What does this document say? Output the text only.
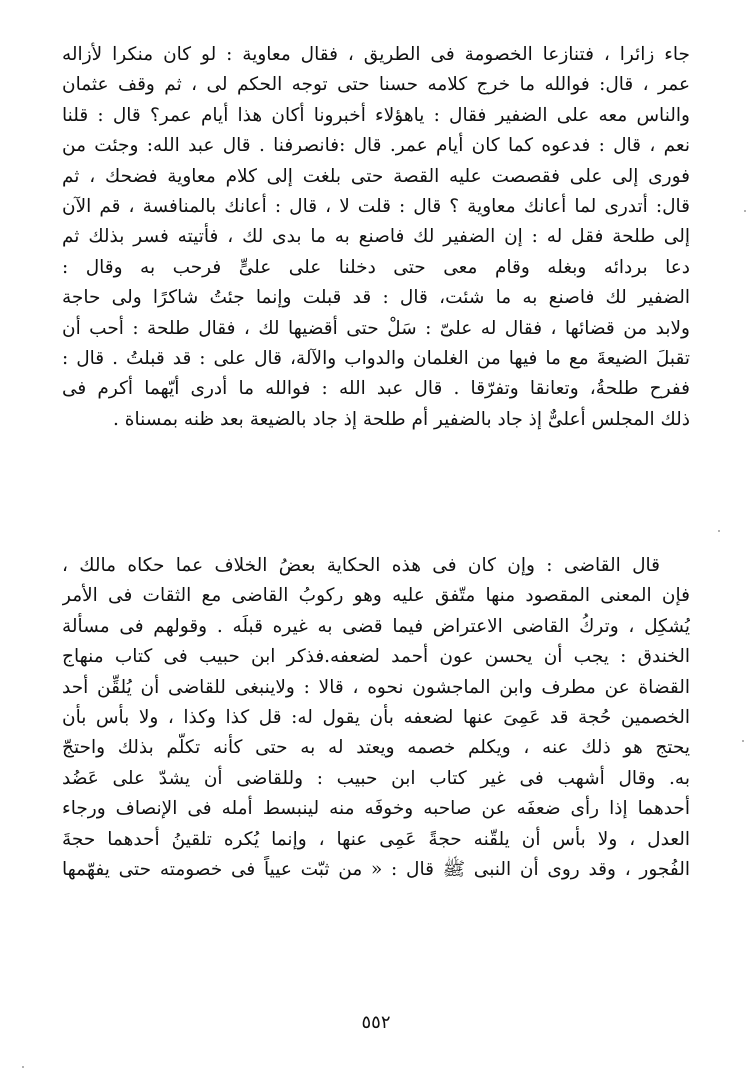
جاء زائرا ، فتنازعا الخصومة فى الطريق ، فقال معاوية : لو كان منكرا لأزاله
عمر ، قال: فوالله ما خرج كلامه حسنا حتى توجه الحكم لى ، ثم وقف عثمان
والناس معه على الضفير فقال : ياهؤلاء أخبرونا أكان هذا أيام عمر؟ قال : قلنا
نعم ، قال : فدعوه كما كان أيام عمر. قال :فانصرفنا . قال عبد الله: وجئت من
فورى إلى على فقصصت عليه القصة حتى بلغت إلى كلام معاوية فضحك ، ثم
قال: أتدرى لما أعانك معاوية ؟ قال : قلت لا ، قال : أعانك بالمنافسة ، قم الآن
إلى طلحة فقل له : إن الضفير لك فاصنع به ما بدى لك ، فأتيته فسر بذلك ثم
دعا بردائه وبغله وقام معى حتى دخلنا على علىٍّ فرحب به وقال :
الضفير لك فاصنع به ما شئت، قال : قد قبلت وإنما جئتُ شاكرًا ولى حاجة
ولابد من قضائها ، فقال له علىّ : سَلْ حتى أقضيها لك ، فقال طلحة : أحب أن
تقبلَ الضيعةَ مع ما فيها من الغلمان والدواب والآلة، قال على : قد قبلتُ . قال :
ففرح طلحةُ، وتعانقا وتفرّقا . قال عبد الله : فوالله ما أدرى أيّهما أكرم فى
ذلك المجلس أعلىٌّ إذ جاد بالضفير أم طلحة إذ جاد بالضيعة بعد ظنه بمسناة .
قال القاضى : وإن كان فى هذه الحكاية بعضُ الخلاف عما حكاه مالك ،
فإن المعنى المقصود منها متّفق عليه وهو ركوبُ القاضى مع الثقات فى الأمر
يُشكِل ، وتركُ القاضى الاعتراض فيما قضى به غيره قبلَه . وقولهم فى مسألة
الخندق : يجب أن يحسن عون أحمد لضعفه.فذكر ابن حبيب فى كتاب منهاج
القضاة عن مطرف وابن الماجشون نحوه ، قالا : ولاينبغى للقاضى أن يُلقِّن أحد
الخصمين حُجة قد عَمِىَ عنها لضعفه بأن يقول له: قل كذا وكذا ، ولا بأس بأن
يحتج هو ذلك عنه ، ويكلم خصمه ويعتد له به حتى كأنه تكلّم بذلك واحتجّ
به. وقال أشهب فى غير كتاب ابن حبيب : وللقاضى أن يشدّ على عَضُد
أحدهما إذا رأى ضعفَه عن صاحبه وخوفَه منه لينبسط أمله فى الإنصاف ورجاء
العدل ، ولا بأس أن يلقّنه حجةً عَمِى عنها ، وإنما يُكره تلقينُ أحدهما حجةَ
الفُجور ، وقد روى أن النبى ﷺ قال : « من ثبّت عيياً فى خصومته حتى يفهّمها
٥٥٢
